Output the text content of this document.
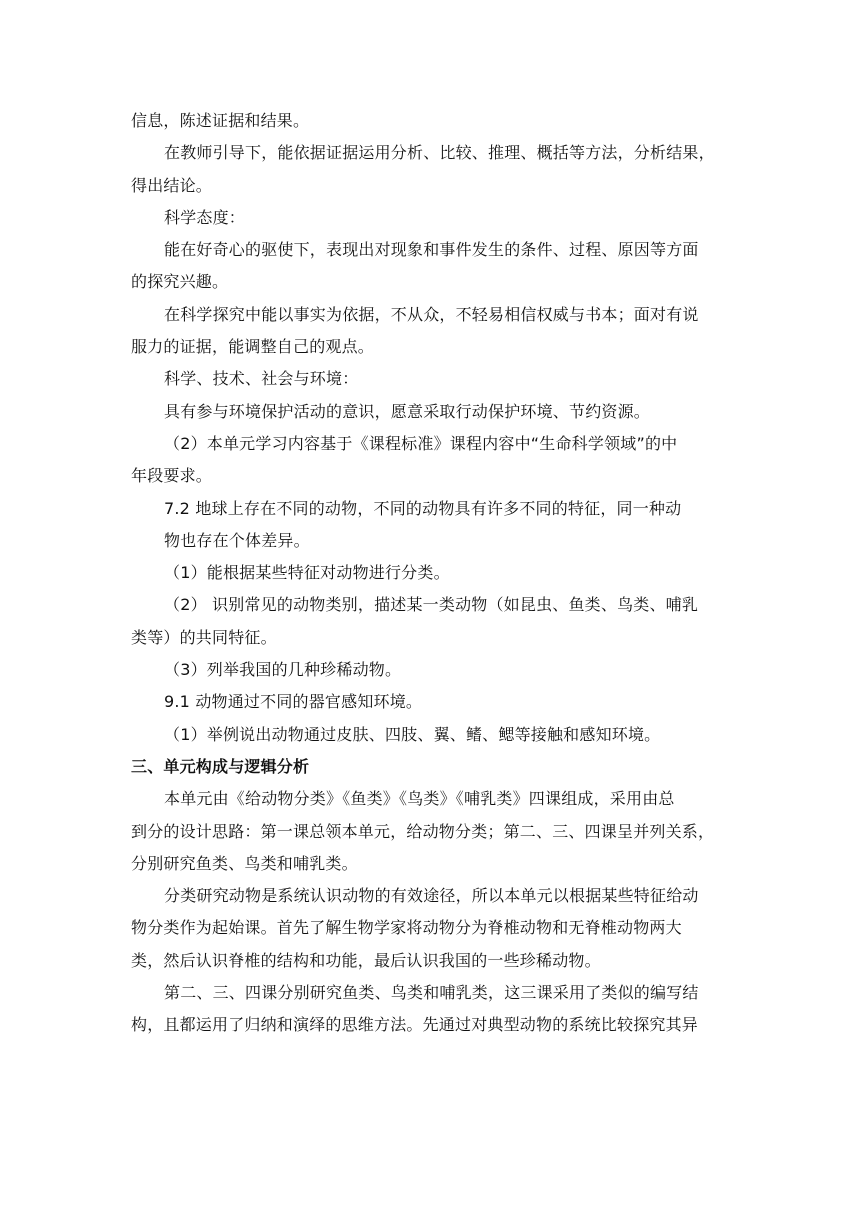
信息，陈述证据和结果。
在教师引导下，能依据证据运用分析、比较、推理、概括等方法，分析结果，
得出结论。
科学态度：
能在好奇心的驱使下，表现出对现象和事件发生的条件、过程、原因等方面
的探究兴趣。
在科学探究中能以事实为依据，不从众，不轻易相信权威与书本；面对有说
服力的证据，能调整自己的观点。
科学、技术、社会与环境：
具有参与环境保护活动的意识，愿意采取行动保护环境、节约资源。
（2）本单元学习内容基于《课程标准》课程内容中“生命科学领域”的中
年段要求。
7.2 地球上存在不同的动物，不同的动物具有许多不同的特征，同一种动
物也存在个体差异。
（1）能根据某些特征对动物进行分类。
（2） 识别常见的动物类别，描述某一类动物（如昆虫、鱼类、鸟类、哺乳
类等）的共同特征。
（3）列举我国的几种珍稀动物。
9.1 动物通过不同的器官感知环境。
（1）举例说出动物通过皮肤、四肢、翼、鳍、鳃等接触和感知环境。
三、单元构成与逻辑分析
本单元由《给动物分类》《鱼类》《鸟类》《哺乳类》四课组成，采用由总
到分的设计思路：第一课总领本单元，给动物分类；第二、三、四课呈并列关系，
分别研究鱼类、鸟类和哺乳类。
分类研究动物是系统认识动物的有效途径，所以本单元以根据某些特征给动
物分类作为起始课。首先了解生物学家将动物分为脊椎动物和无脊椎动物两大
类，然后认识脊椎的结构和功能，最后认识我国的一些珍稀动物。
第二、三、四课分别研究鱼类、鸟类和哺乳类，这三课采用了类似的编写结
构，且都运用了归纳和演绎的思维方法。先通过对典型动物的系统比较探究其异
